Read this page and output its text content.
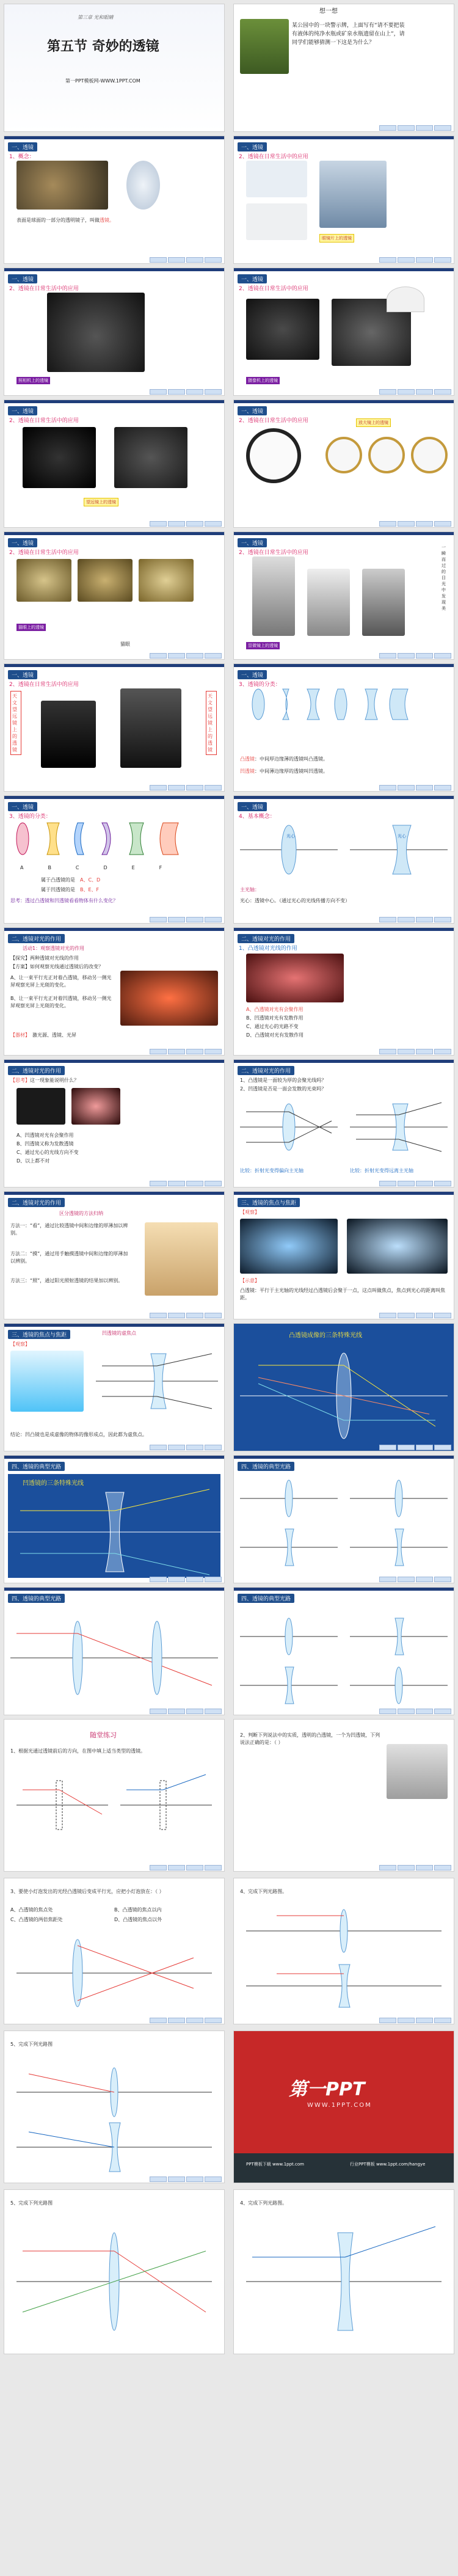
第三章 光和眼睛
第五节 奇妙的透镜
第一PPT模板网-WWW.1PPT.COM
想一想
某公园中的一块警示牌，上面写有“请不要把装有液体的纯净水瓶或矿泉水瓶遗留在山上”，请同学们能够猜测一下这是为什么？
一、透镜
1、概念：
表面是球面的一部分的透明镜子，叫做透镜。
一、透镜
2、透镜在日常生活中的应用
眼镜片上的透镜
一、透镜
2、透镜在日常生活中的应用
照相机上的透镜
一、透镜
2、透镜在日常生活中的应用
摄像机上的透镜
一、透镜
2、透镜在日常生活中的应用
望远镜上的透镜
一、透镜
2、透镜在日常生活中的应用	放大镜上的透镜
一、透镜
2、透镜在日常生活中的应用
猫眼上的透镜
猫眼
一、透镜
2、透镜在日常生活中的应用
一瞬而过的目光中发现美
显微镜上的透镜
一、透镜
2、透镜在日常生活中的应用
天文望远镜上的透镜
天文望远镜上的透镜
一、透镜
3、透镜的分类：
凸透镜：中间厚边缘薄的透镜叫凸透镜。
凹透镜：中间薄边缘厚的透镜叫凹透镜。
一、透镜
3、透镜的分类：
ABCDEF
属于凸透镜的是　 A、C、D
属于凹透镜的是　 B、E、F
思考：透过凸透镜和凹透镜看看物体有什么变化？
一、透镜
4、基本概念：
光心	光心
主光轴：
光心：透镜中心。（通过光心的光线传播方向不变）
二、透镜对光的作用
活动1：观察透镜对光的作用
【探究】两种透镜对光线的作用
【方案】如何观察光线通过透镜后的改变？
A、让一束平行光正对着凸透镜，移动另一侧光屏观察光屏上光斑的变化。
B、让一束平行光正对着凹透镜，移动另一侧光屏观察光屏上光斑的变化。
【器材】　 激光源、透镜、光屏
二、透镜对光的作用
1、凸透镜对光线的作用
A、凸透镜对光有会聚作用
B、凹透镜对光有发散作用
C、通过光心的光路不变
D、凸透镜对光有发散作用
二、透镜对光的作用
【思考】这一现象能说明什么？
A、凹透镜对光有会聚作用
B、凹透镜又称为发散透镜
C、通过光心的光线方向不变
D、以上都不对
二、透镜对光的作用
1、凸透镜是一面较为厚的会聚光线吗？
2、凹透镜是否是一面会发散的光束吗？
比较：折射光变得偏向主光轴	比较：折射光变得远离主光轴
二、透镜对光的作用
区分透镜的方法归纳
方法一：“看”，通过比较透镜中间和边缘的厚薄加以辨别。
方法二：“摸”，通过用手触摸透镜中间和边缘的厚薄加以辨别。
方法三：“照”，通过阳光照射透镜的结果加以辨别。
三、透镜的焦点与焦距
【观察】
【示意】
凸透镜：平行于主光轴的光线经过凸透镜后会聚于一点，这点叫做焦点，焦点到光心的距离叫焦距。
三、透镜的焦点与焦距	凹透镜的虚焦点
【观察】
结论：凹凸镜也是成虚像的物体的像形成点，因此都为虚焦点。
凸透镜成像的三条特殊光线
四、透镜的典型光路
凹透镜的三条特殊光线
四、透镜的典型光路
四、透镜的典型光路	四、透镜的典型光路
随堂练习
1、根据光通过透镜前后的方向，在图中填上适当类型的透镜。
2、判断下列说法中的实质，透明的凸透镜，一个为凹透镜，下列说法正确的是：（ ）
3、要使小灯泡发出的光经凸透镜后变成平行光，应把小灯泡放在：（ ）
A、凸透镜的焦点处	B、凸透镜的焦点以内
C、凸透镜的两倍焦距处	D、凸透镜的焦点以外
4、完成下列光路图。
5、完成下列光路图
第一PPT
WWW.1PPT.COM
PPT模板下载 www.1ppt.com	行业PPT模板 www.1ppt.com/hangye
5、完成下列光路图	4、完成下列光路图。
